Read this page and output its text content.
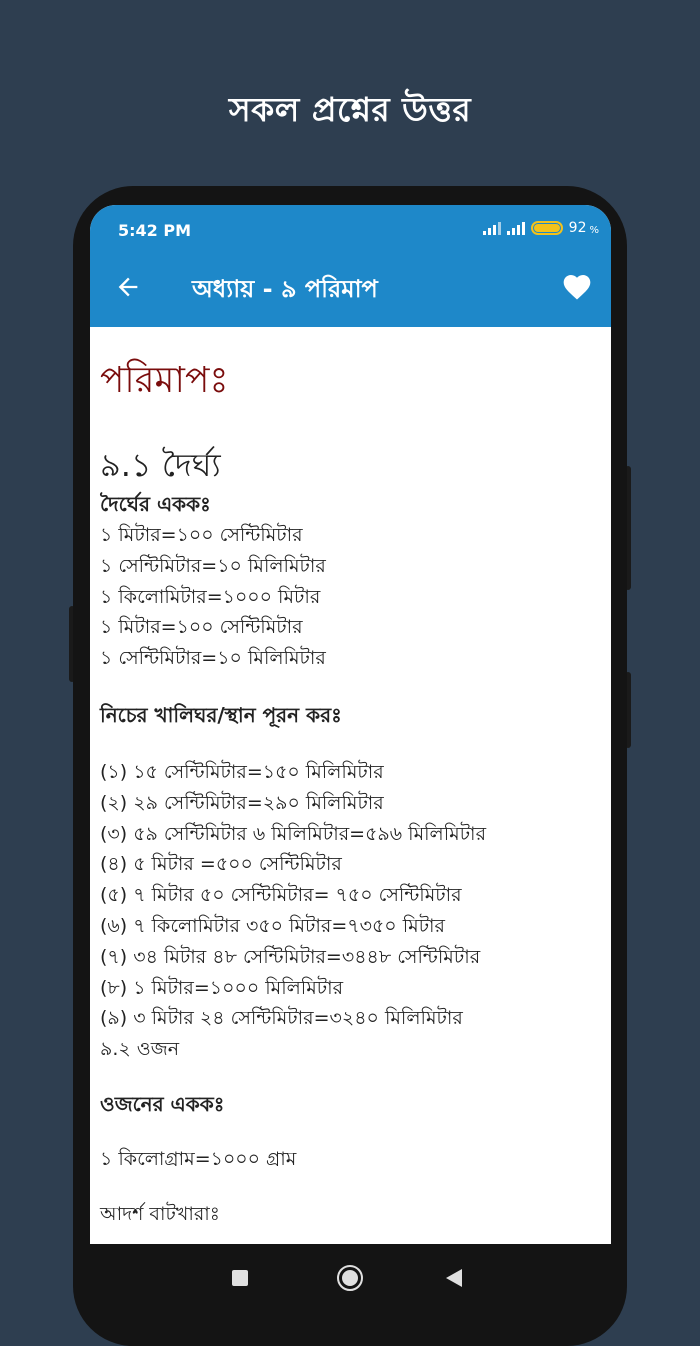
সকল প্রশ্নের উত্তর
5:42 PM	92 %
অধ্যায় - ৯ পরিমাপ
পরিমাপঃ
৯.১ দৈর্ঘ্য
দৈর্ঘের এককঃ
১ মিটার=১০০ সেন্টিমিটার
১ সেন্টিমিটার=১০ মিলিমিটার
১ কিলোমিটার=১০০০ মিটার
১ মিটার=১০০ সেন্টিমিটার
১ সেন্টিমিটার=১০ মিলিমিটার
নিচের খালিঘর/স্থান পূরন করঃ
(১) ১৫ সেন্টিমিটার=১৫০ মিলিমিটার
(২) ২৯ সেন্টিমিটার=২৯০ মিলিমিটার
(৩) ৫৯ সেন্টিমিটার ৬ মিলিমিটার=৫৯৬ মিলিমিটার
(৪) ৫ মিটার =৫০০ সেন্টিমিটার
(৫) ৭ মিটার ৫০ সেন্টিমিটার= ৭৫০ সেন্টিমিটার
(৬) ৭ কিলোমিটার ৩৫০ মিটার=৭৩৫০ মিটার
(৭) ৩৪ মিটার ৪৮ সেন্টিমিটার=৩৪৪৮ সেন্টিমিটার
(৮) ১ মিটার=১০০০ মিলিমিটার
(৯) ৩ মিটার ২৪ সেন্টিমিটার=৩২৪০ মিলিমিটার
৯.২ ওজন
ওজনের এককঃ
১ কিলোগ্রাম=১০০০ গ্রাম
আদর্শ বাটখারাঃ
